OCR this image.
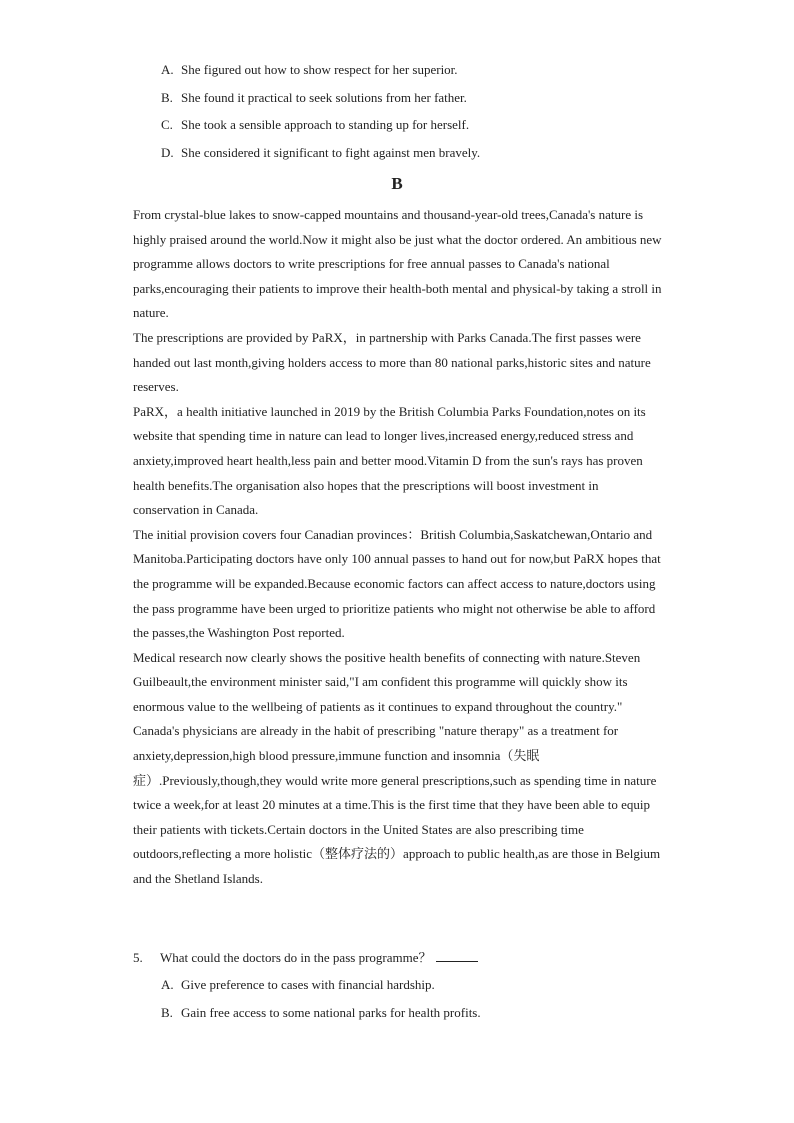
A. She figured out how to show respect for her superior.
B. She found it practical to seek solutions from her father.
C. She took a sensible approach to standing up for herself.
D. She considered it significant to fight against men bravely.
B

From crystal-blue lakes to snow-capped mountains and thousand-year-old trees,Canada's nature is highly praised around the world.Now it might also be just what the doctor ordered. An ambitious new programme allows doctors to write prescriptions for free annual passes to Canada's national parks,encouraging their patients to improve their health-both mental and physical-by taking a stroll in nature.

The prescriptions are provided by PaRX，in partnership with Parks Canada.The first passes were handed out last month,giving holders access to more than 80 national parks,historic sites and nature reserves.

PaRX，a health initiative launched in 2019 by the British Columbia Parks Foundation,notes on its website that spending time in nature can lead to longer lives,increased energy,reduced stress and anxiety,improved heart health,less pain and better mood.Vitamin D from the sun's rays has proven health benefits.The organisation also hopes that the prescriptions will boost investment in conservation in Canada.

The initial provision covers four Canadian provinces：British Columbia,Saskatchewan,Ontario and Manitoba.Participating doctors have only 100 annual passes to hand out for now,but PaRX hopes that the programme will be expanded.Because economic factors can affect access to nature,doctors using the pass programme have been urged to prioritize patients who might not otherwise be able to afford the passes,the Washington Post reported.

Medical research now clearly shows the positive health benefits of connecting with nature.Steven Guilbeault,the environment minister said,"I am confident this programme will quickly show its enormous value to the wellbeing of patients as it continues to expand throughout the country."

Canada's physicians are already in the habit of prescribing "nature therapy" as a treatment for anxiety,depression,high blood pressure,immune function and insomnia（失眠症）.Previously,though,they would write more general prescriptions,such as spending time in nature twice a week,for at least 20 minutes at a time.This is the first time that they have been able to equip their patients with tickets.Certain doctors in the United States are also prescribing time outdoors,reflecting a more holistic（整体疗法的）approach to public health,as are those in Belgium and the Shetland Islands.

5. What could the doctors do in the pass programme？
A. Give preference to cases with financial hardship.
B. Gain free access to some national parks for health profits.
